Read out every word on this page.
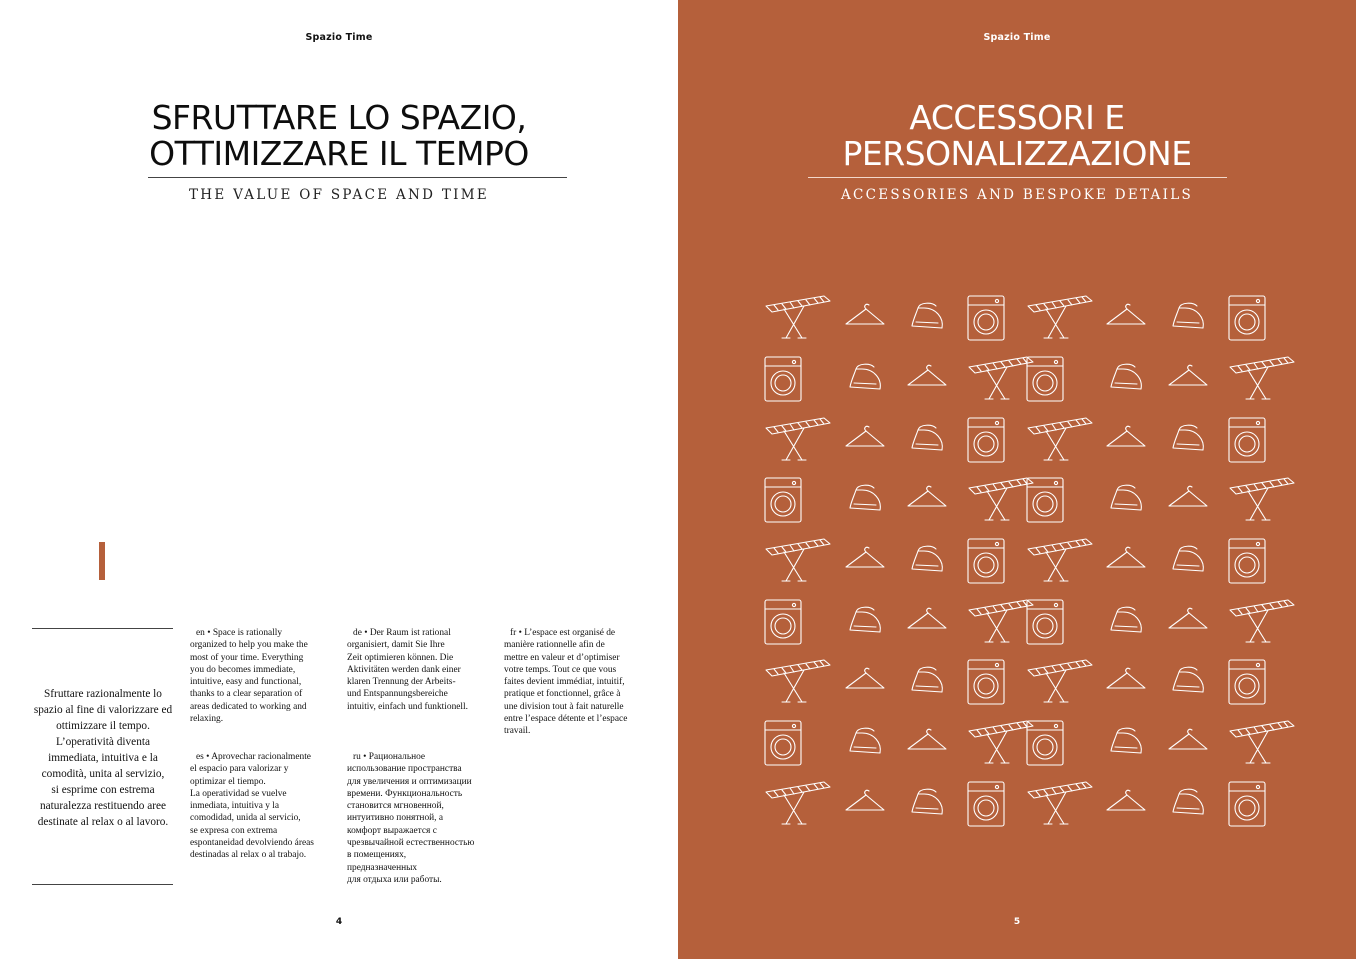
Spazio Time
SFRUTTARE LO SPAZIO,
OTTIMIZZARE IL TEMPO
THE VALUE OF SPACE AND TIME
Sfruttare razionalmente lo
spazio al fine di valorizzare ed
ottimizzare il tempo.
L’operatività diventa
immediata, intuitiva e la
comodità, unita al servizio,
si esprime con estrema
naturalezza restituendo aree
destinate al relax o al lavoro.
en • Space is rationally
organized to help you make the
most of your time. Everything
you do becomes immediate,
intuitive, easy and functional,
thanks to a clear separation of
areas dedicated to working and
relaxing.
de • Der Raum ist rational
organisiert, damit Sie Ihre
Zeit optimieren können. Die
Aktivitäten werden dank einer
klaren Trennung der Arbeits-
und Entspannungsbereiche
intuitiv, einfach und funktionell.
fr • L’espace est organisé de
manière rationnelle afin de
mettre en valeur et d’optimiser
votre temps. Tout ce que vous
faites devient immédiat, intuitif,
pratique et fonctionnel, grâce à
une division tout à fait naturelle
entre l’espace détente et l’espace
travail.
es • Aprovechar racionalmente
el espacio para valorizar y
optimizar el tiempo.
La operatividad se vuelve
inmediata, intuitiva y la
comodidad, unida al servicio,
se expresa con extrema
espontaneidad devolviendo áreas
destinadas al relax o al trabajo.
ru • Рациональное
использование пространства
для увеличения и оптимизации
времени. Функциональность
становится мгновенной,
интуитивно понятной, а
комфорт выражается с
чрезвычайной естественностью
в помещениях,
предназначенных
для отдыха или работы.
4
Spazio Time
ACCESSORI E
PERSONALIZZAZIONE
ACCESSORIES AND BESPOKE DETAILS
5
